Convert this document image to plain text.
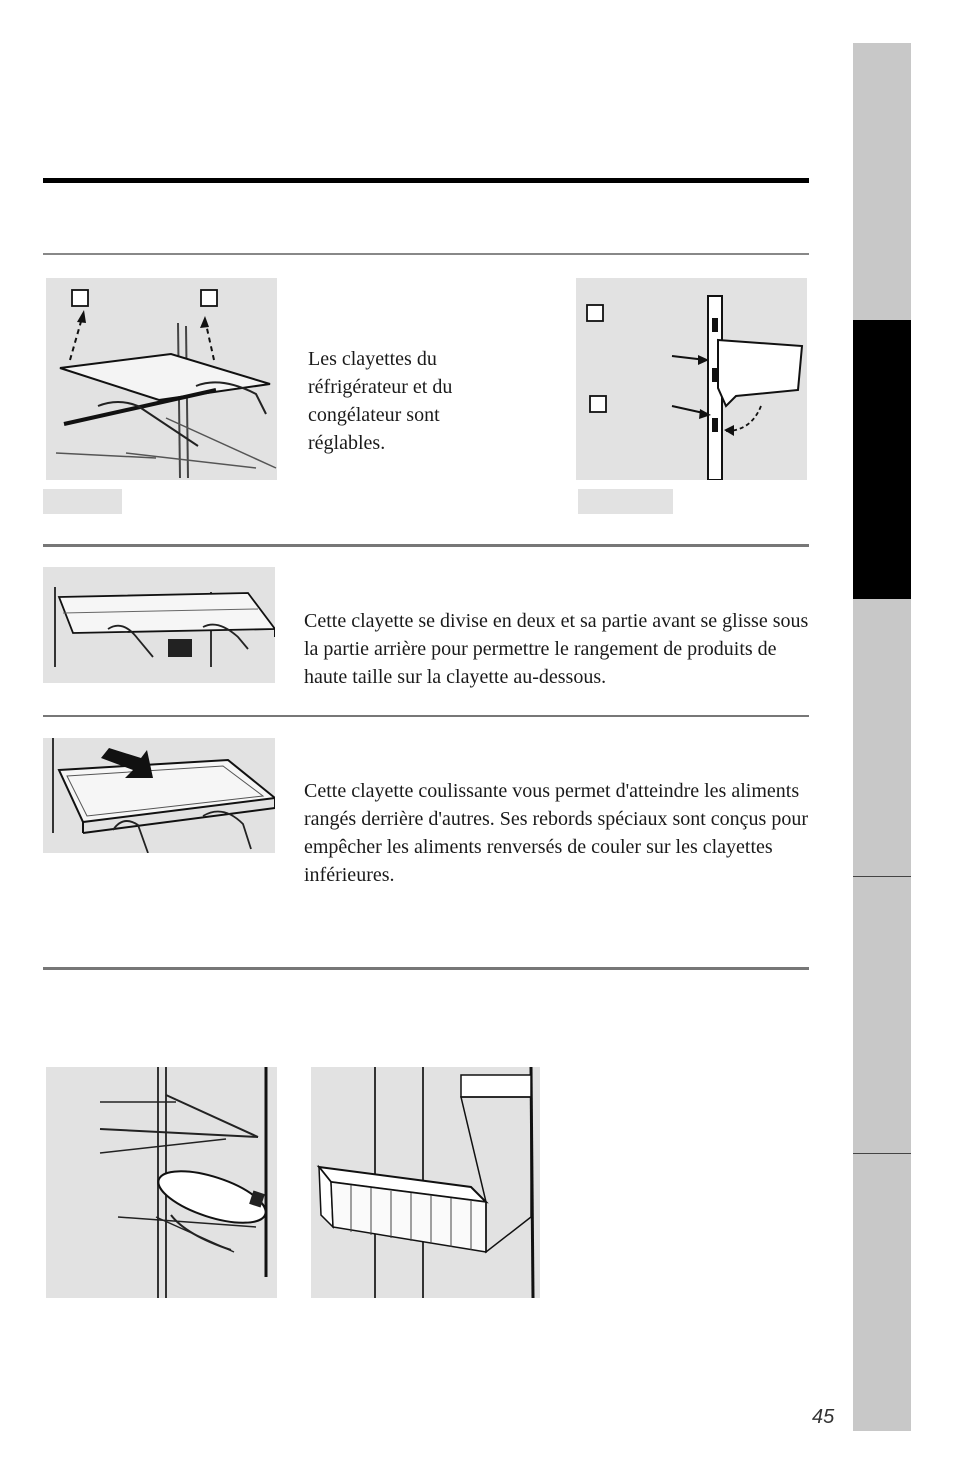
Les clayettes du réfrigérateur et du congélateur sont réglables.

Cette clayette se divise en deux et sa partie avant se glisse sous la partie arrière pour permettre le rangement de produits de haute taille sur la clayette au-dessous.

Cette clayette coulissante vous permet d'atteindre les aliments rangés derrière d'autres. Ses rebords spéciaux sont conçus pour empêcher les aliments renversés de couler sur les clayettes inférieures.

45
